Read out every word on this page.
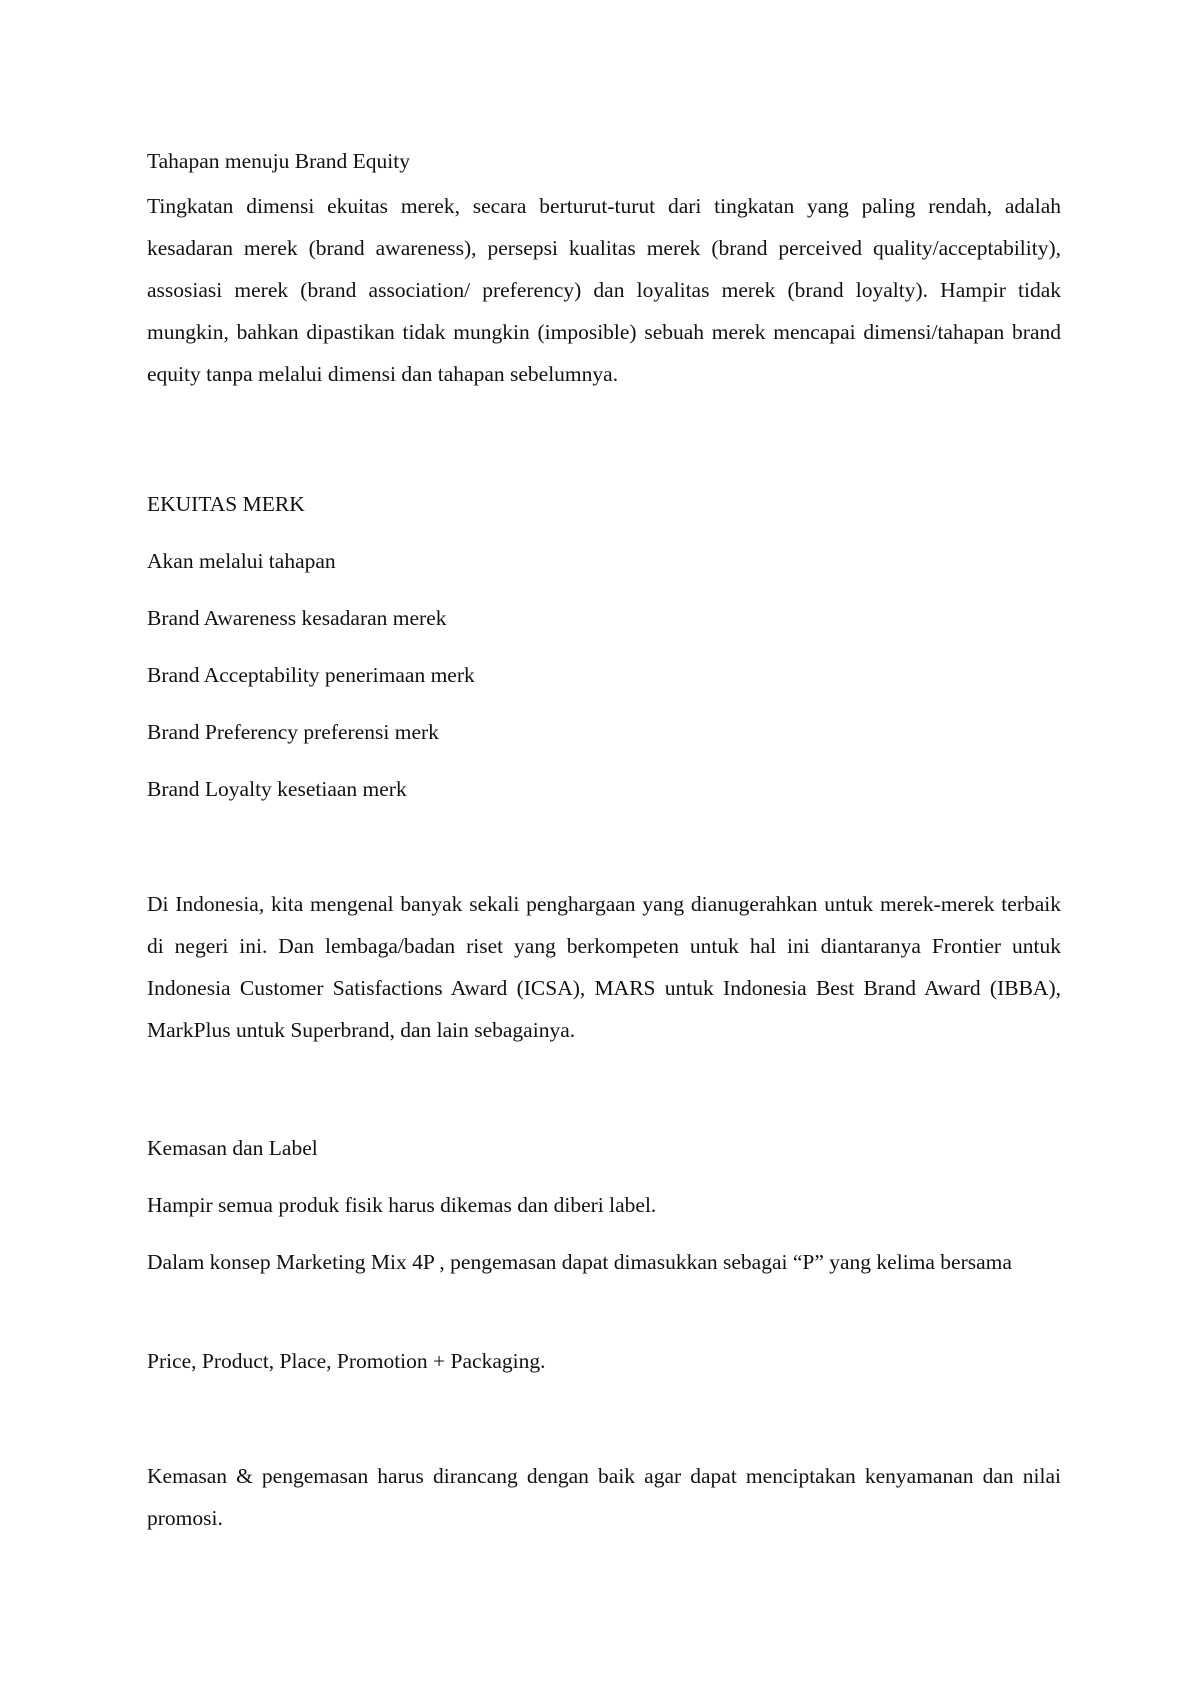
Tahapan menuju Brand Equity

Tingkatan dimensi ekuitas merek, secara berturut-turut dari tingkatan yang paling rendah, adalah kesadaran merek (brand awareness), persepsi kualitas merek (brand perceived quality/acceptability), assosiasi merek (brand association/ preferency) dan loyalitas merek (brand loyalty). Hampir tidak mungkin, bahkan dipastikan tidak mungkin (imposible) sebuah merek mencapai dimensi/tahapan brand equity tanpa melalui dimensi dan tahapan sebelumnya.

EKUITAS MERK

Akan melalui tahapan

Brand Awareness kesadaran merek

Brand Acceptability penerimaan merk

Brand Preferency preferensi merk

Brand Loyalty kesetiaan merk

Di Indonesia, kita mengenal banyak sekali penghargaan yang dianugerahkan untuk merek-merek terbaik di negeri ini. Dan lembaga/badan riset yang berkompeten untuk hal ini diantaranya Frontier untuk Indonesia Customer Satisfactions Award (ICSA), MARS untuk Indonesia Best Brand Award (IBBA), MarkPlus untuk Superbrand, dan lain sebagainya.

Kemasan dan Label

Hampir semua produk fisik harus dikemas dan diberi label.

Dalam konsep Marketing Mix 4P , pengemasan dapat dimasukkan sebagai “P” yang kelima bersama

Price, Product, Place, Promotion + Packaging.

Kemasan & pengemasan harus dirancang dengan baik agar dapat menciptakan kenyamanan dan nilai promosi.
